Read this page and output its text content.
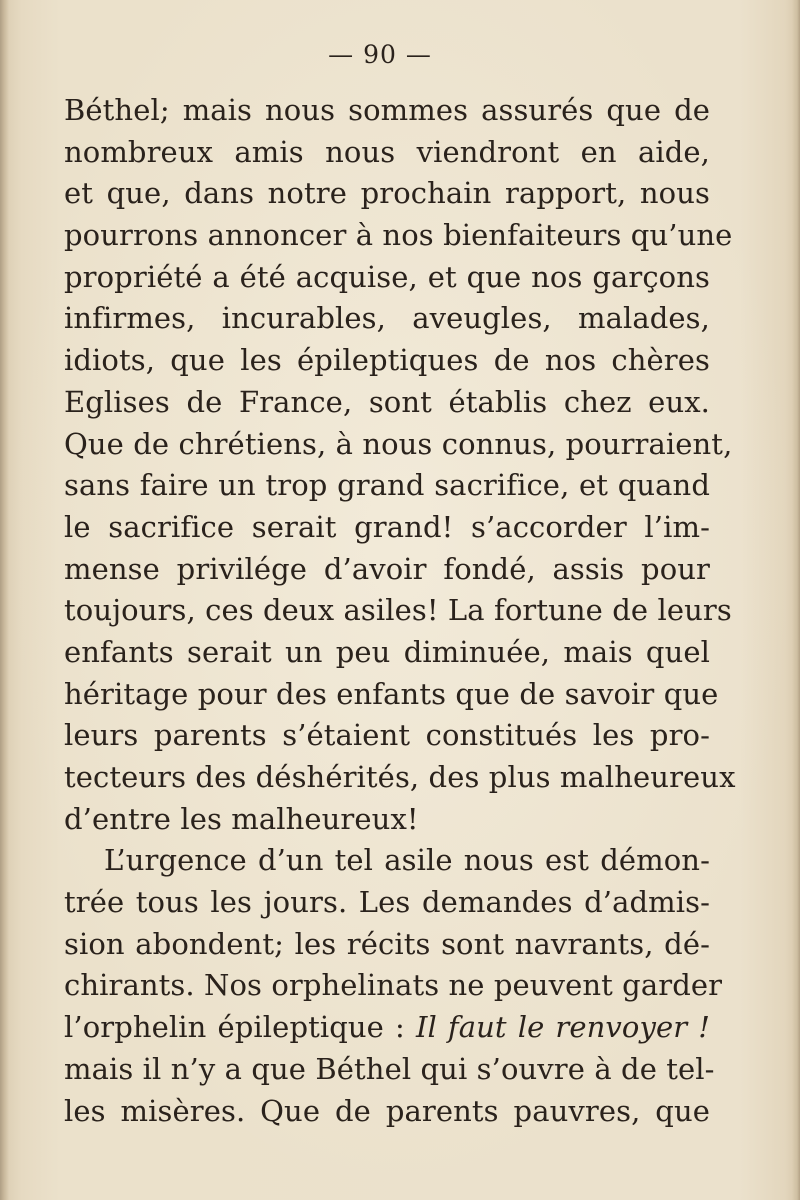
— 90 —
Béthel; mais nous sommes assurés que de
nombreux amis nous viendront en aide,
et que, dans notre prochain rapport, nous
pourrons annoncer à nos bienfaiteurs qu’une
propriété a été acquise, et que nos garçons
infirmes, incurables, aveugles, malades,
idiots, que les épileptiques de nos chères
Eglises de France, sont établis chez eux.
Que de chrétiens, à nous connus, pourraient,
sans faire un trop grand sacrifice, et quand
le sacrifice serait grand! s’accorder l’im-
mense privilége d’avoir fondé, assis pour
toujours, ces deux asiles! La fortune de leurs
enfants serait un peu diminuée, mais quel
héritage pour des enfants que de savoir que
leurs parents s’étaient constitués les pro-
tecteurs des déshérités, des plus malheureux
d’entre les malheureux!
L’urgence d’un tel asile nous est démon-
trée tous les jours. Les demandes d’admis-
sion abondent; les récits sont navrants, dé-
chirants. Nos orphelinats ne peuvent garder
l’orphelin épileptique : Il faut le renvoyer !
mais il n’y a que Béthel qui s’ouvre à de tel-
les misères. Que de parents pauvres, que
